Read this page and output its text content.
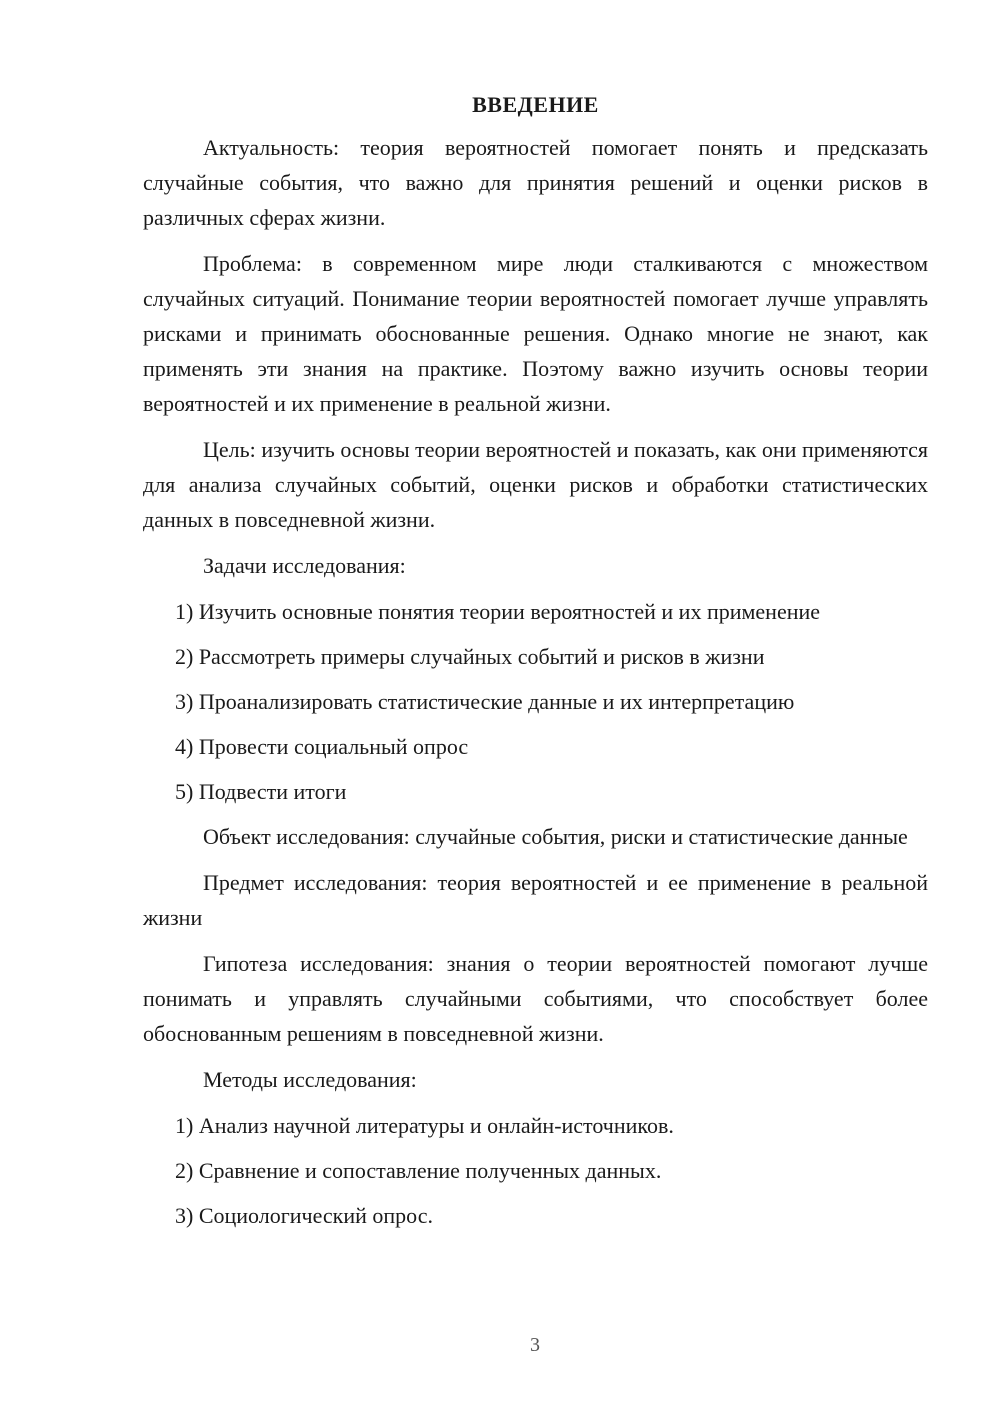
ВВЕДЕНИЕ

Актуальность: теория вероятностей помогает понять и предсказать случайные события, что важно для принятия решений и оценки рисков в различных сферах жизни.

Проблема: в современном мире люди сталкиваются с множеством случайных ситуаций. Понимание теории вероятностей помогает лучше управлять рисками и принимать обоснованные решения. Однако многие не знают, как применять эти знания на практике. Поэтому важно изучить основы теории вероятностей и их применение в реальной жизни.

Цель: изучить основы теории вероятностей и показать, как они применяются для анализа случайных событий, оценки рисков и обработки статистических данных в повседневной жизни.

Задачи исследования:

1) Изучить основные понятия теории вероятностей и их применение

2) Рассмотреть примеры случайных событий и рисков в жизни

3) Проанализировать статистические данные и их интерпретацию

4) Провести социальный опрос

5) Подвести итоги

Объект исследования: случайные события, риски и статистические данные

Предмет исследования: теория вероятностей и ее применение в реальной жизни

Гипотеза исследования: знания о теории вероятностей помогают лучше понимать и управлять случайными событиями, что способствует более обоснованным решениям в повседневной жизни.

Методы исследования:

1) Анализ научной литературы и онлайн-источников.

2) Сравнение и сопоставление полученных данных.

3) Социологический опрос.

3
